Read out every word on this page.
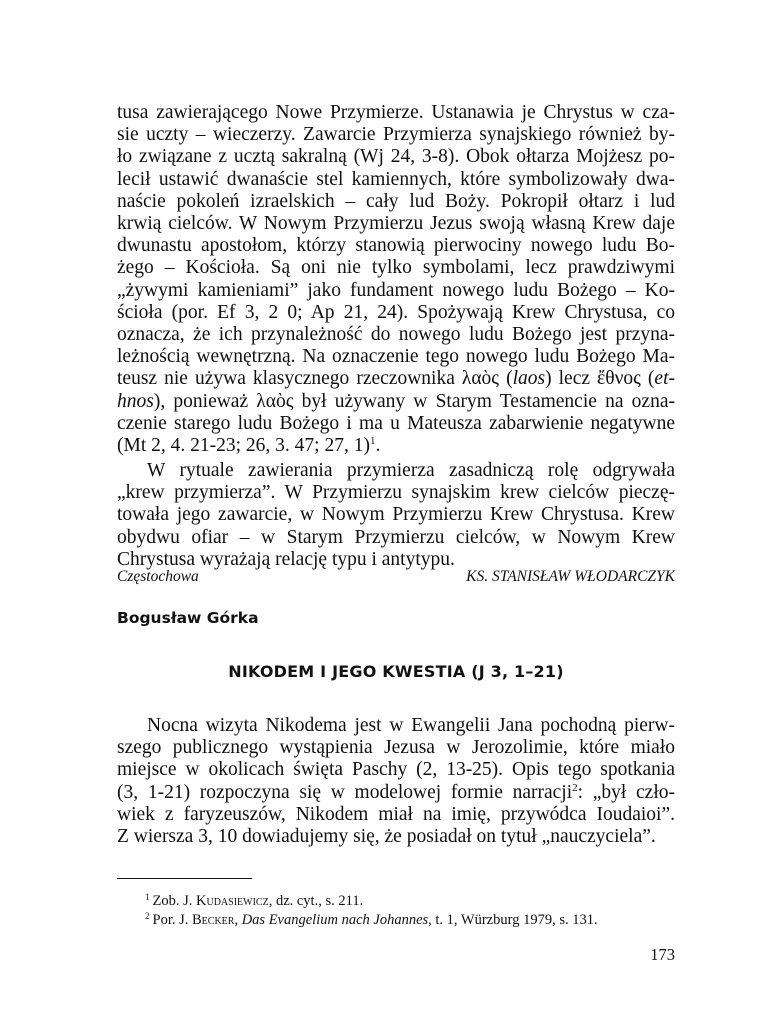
tusa zawierającego Nowe Przymierze. Ustanawia je Chrystus w cza-

sie uczty – wieczerzy. Zawarcie Przymierza synajskiego również by-

ło związane z ucztą sakralną (Wj 24, 3-8). Obok ołtarza Mojżesz po-

lecił ustawić dwanaście stel kamiennych, które symbolizowały dwa-

naście pokoleń izraelskich – cały lud Boży. Pokropił ołtarz i lud

krwią cielców. W Nowym Przymierzu Jezus swoją własną Krew daje

dwunastu apostołom, którzy stanowią pierwociny nowego ludu Bo-

żego – Kościoła. Są oni nie tylko symbolami, lecz prawdziwymi

„żywymi kamieniami” jako fundament nowego ludu Bożego – Ko-

ścioła (por. Ef 3, 2 0; Ap 21, 24). Spożywają Krew Chrystusa, co

oznacza, że ich przynależność do nowego ludu Bożego jest przyna-

leżnością wewnętrzną. Na oznaczenie tego nowego ludu Bożego Ma-

teusz nie używa klasycznego rzeczownika λαὸς (laos) lecz ἔθνος (et-

hnos), ponieważ λαὸς był używany w Starym Testamencie na ozna-

czenie starego ludu Bożego i ma u Mateusza zabarwienie negatywne

(Mt 2, 4. 21-23; 26, 3. 47; 27, 1)$^1$.

W rytuale zawierania przymierza zasadniczą rolę odgrywała

„krew przymierza”. W Przymierzu synajskim krew cielców pieczę-

towała jego zawarcie, w Nowym Przymierzu Krew Chrystusa. Krew

obydwu ofiar – w Starym Przymierzu cielców, w Nowym Krew

Chrystusa wyrażają relację typu i antytypu.

Nocna wizyta Nikodema jest w Ewangelii Jana pochodną pierw-

szego publicznego wystąpienia Jezusa w Jerozolimie, które miało

miejsce w okolicach święta Paschy (2, 13-25). Opis tego spotkania

(3, 1-21) rozpoczyna się w modelowej formie narracji$^2$: „był czło-

wiek z faryzeuszów, Nikodem miał na imię, przywódca Ioudaioi”.

Z wiersza 3, 10 dowiadujemy się, że posiadał on tytuł „nauczyciela”.

Częstochowa	KS. STANISŁAW WŁODARCZYK
Bogusław Górka
NIKODEM I JEGO KWESTIA (J 3, 1–21)
$^1$ Zob. J. Kudasiewicz, dz. cyt., s. 211.
$^2$ Por. J. Becker, Das Evangelium nach Johannes, t. 1, Würzburg 1979, s. 131.
173
